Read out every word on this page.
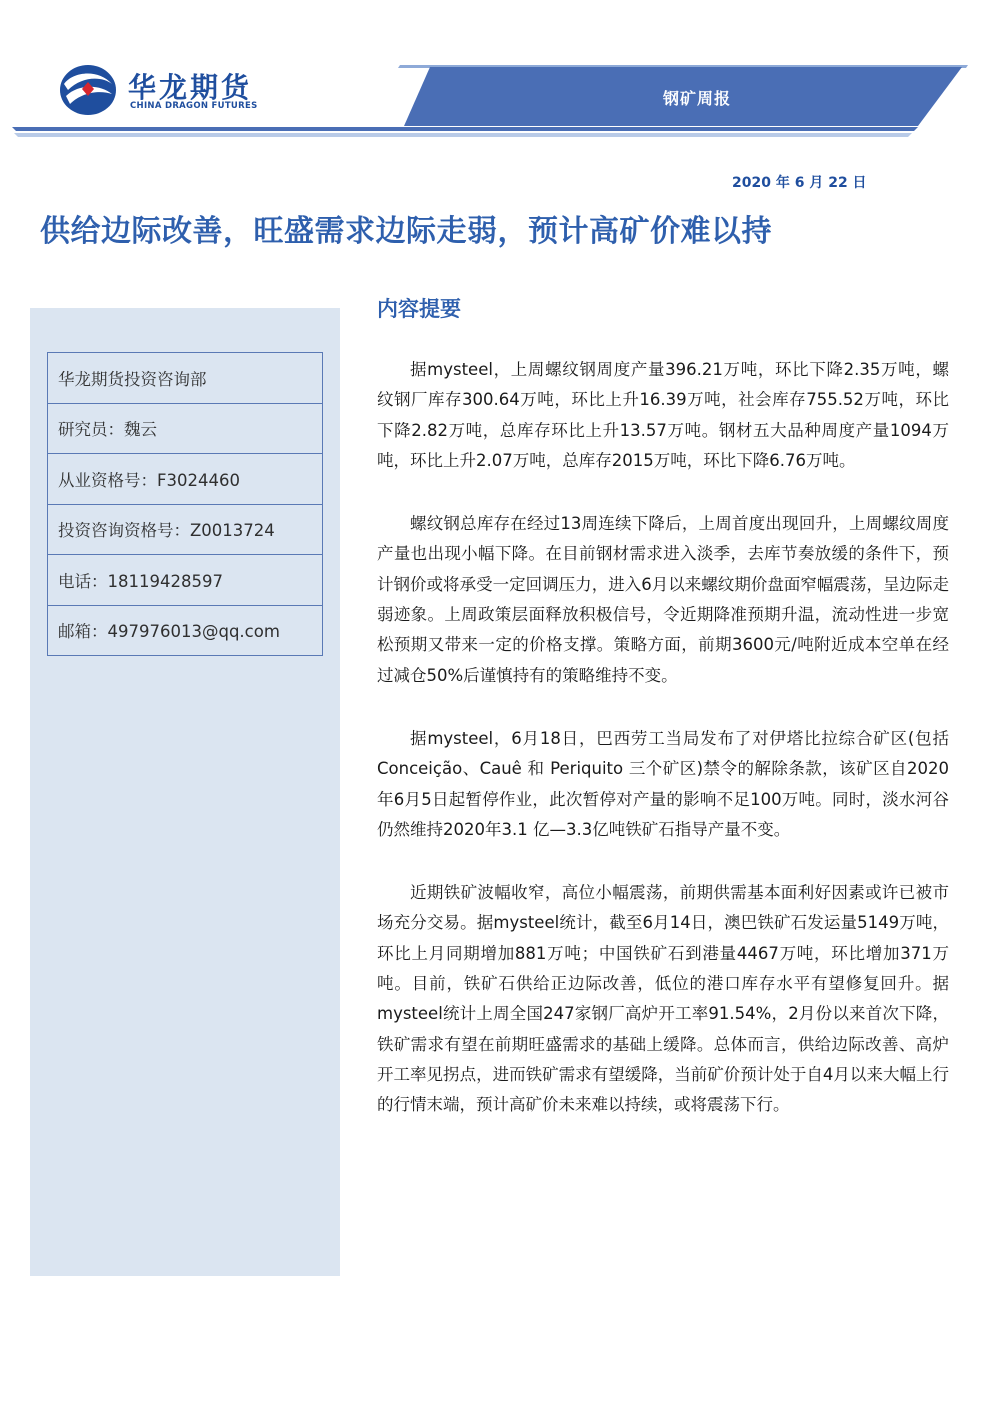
华龙期货
CHINA DRAGON FUTURES	钢矿周报
2020 年 6 月 22 日
供给边际改善，旺盛需求边际走弱，预计高矿价难以持
华龙期货投资咨询部
研究员：魏云
从业资格号：F3024460
投资咨询资格号：Z0013724
电话：18119428597
邮箱：497976013@qq.com
内容提要

据mysteel，上周螺纹钢周度产量396.21万吨，环比下降2.35万吨，螺纹钢厂库存300.64万吨，环比上升16.39万吨，社会库存755.52万吨，环比下降2.82万吨，总库存环比上升13.57万吨。钢材五大品种周度产量1094万吨，环比上升2.07万吨，总库存2015万吨，环比下降6.76万吨。

螺纹钢总库存在经过13周连续下降后，上周首度出现回升，上周螺纹周度产量也出现小幅下降。在目前钢材需求进入淡季，去库节奏放缓的条件下，预计钢价或将承受一定回调压力，进入6月以来螺纹期价盘面窄幅震荡，呈边际走弱迹象。上周政策层面释放积极信号，令近期降准预期升温，流动性进一步宽松预期又带来一定的价格支撑。策略方面，前期3600元/吨附近成本空单在经过减仓50%后谨慎持有的策略维持不变。

据mysteel，6月18日，巴西劳工当局发布了对伊塔比拉综合矿区(包括 Conceição、Cauê 和 Periquito 三个矿区)禁令的解除条款，该矿区自2020年6月5日起暂停作业，此次暂停对产量的影响不足100万吨。同时，淡水河谷仍然维持2020年3.1 亿—3.3亿吨铁矿石指导产量不变。

近期铁矿波幅收窄，高位小幅震荡，前期供需基本面利好因素或许已被市场充分交易。据mysteel统计，截至6月14日，澳巴铁矿石发运量5149万吨，环比上月同期增加881万吨；中国铁矿石到港量4467万吨，环比增加371万吨。目前，铁矿石供给正边际改善，低位的港口库存水平有望修复回升。据mysteel统计上周全国247家钢厂高炉开工率91.54%，2月份以来首次下降，铁矿需求有望在前期旺盛需求的基础上缓降。总体而言，供给边际改善、高炉开工率见拐点，进而铁矿需求有望缓降，当前矿价预计处于自4月以来大幅上行的行情末端，预计高矿价未来难以持续，或将震荡下行。
